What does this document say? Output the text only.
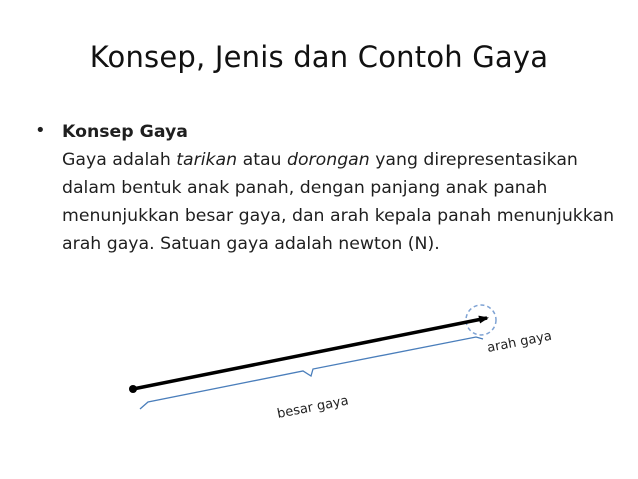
Konsep, Jenis dan Contoh Gaya
• Konsep Gaya

Gaya adalah tarikan atau dorongan yang direpresentasikan dalam bentuk anak panah, dengan panjang anak panah menunjukkan besar gaya, dan arah kepala panah menunjukkan arah gaya. Satuan gaya adalah newton (N).

arah gaya
besar gaya
